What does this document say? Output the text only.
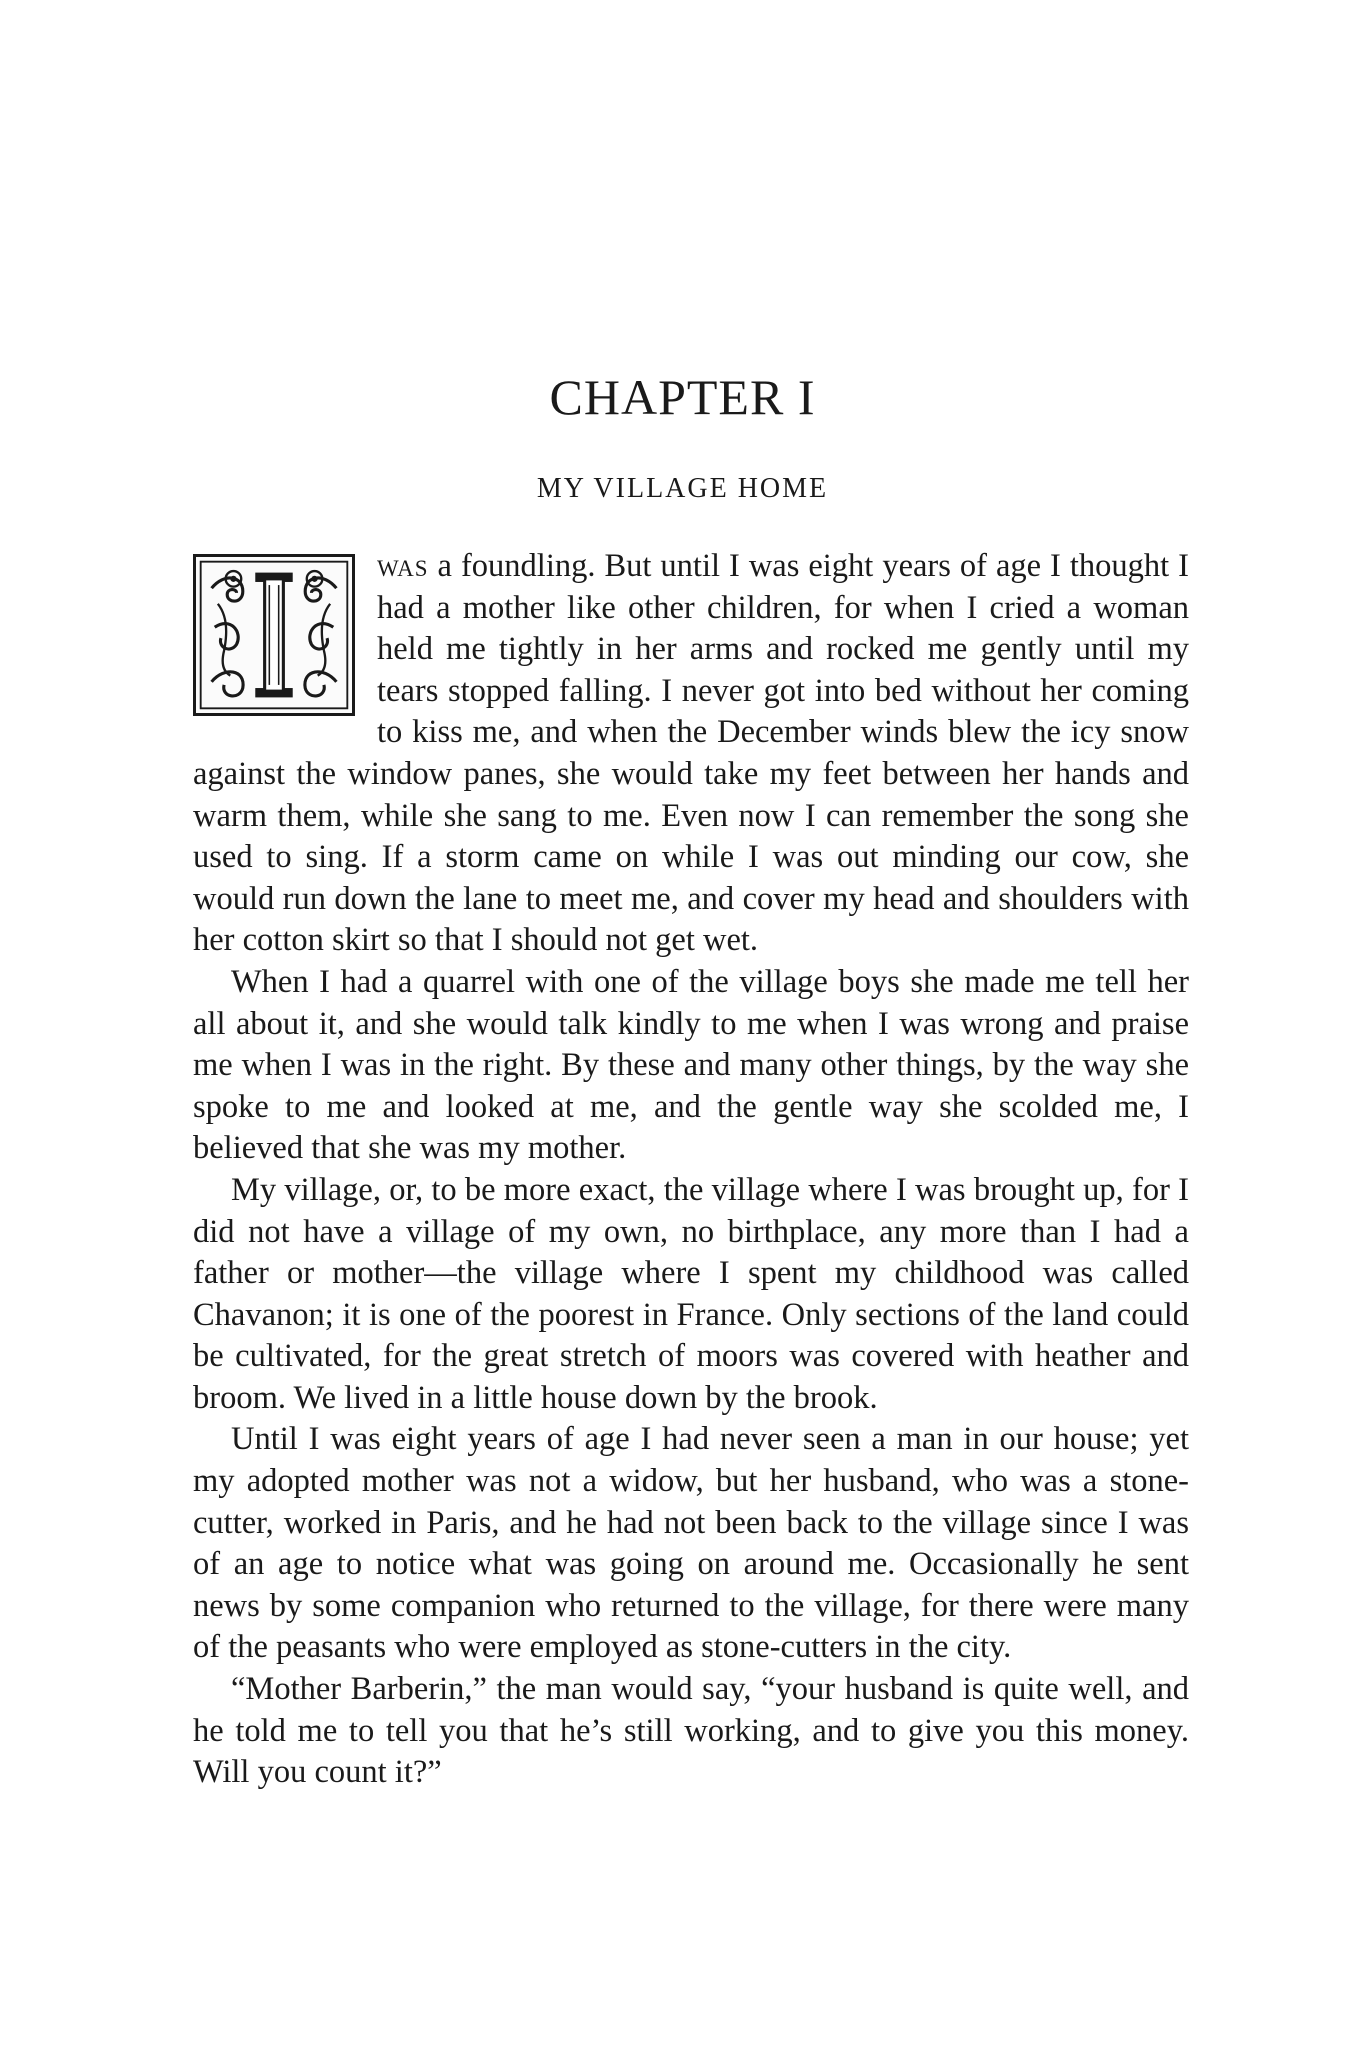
CHAPTER I
MY VILLAGE HOME

was a foundling. But until I was eight years of age I thought I had a mother like other children, for when I cried a woman held me tightly in her arms and rocked me gently until my tears stopped falling. I never got into bed without her coming to kiss me, and when the December winds blew the icy snow against the window panes, she would take my feet between her hands and warm them, while she sang to me. Even now I can remember the song she used to sing. If a storm came on while I was out minding our cow, she would run down the lane to meet me, and cover my head and shoulders with her cotton skirt so that I should not get wet.

When I had a quarrel with one of the village boys she made me tell her all about it, and she would talk kindly to me when I was wrong and praise me when I was in the right. By these and many other things, by the way she spoke to me and looked at me, and the gentle way she scolded me, I believed that she was my mother.

My village, or, to be more exact, the village where I was brought up, for I did not have a village of my own, no birthplace, any more than I had a father or mother—the village where I spent my childhood was called Chavanon; it is one of the poorest in France. Only sections of the land could be cultivated, for the great stretch of moors was covered with heather and broom. We lived in a little house down by the brook.

Until I was eight years of age I had never seen a man in our house; yet my adopted mother was not a widow, but her husband, who was a stone-cutter, worked in Paris, and he had not been back to the village since I was of an age to notice what was going on around me. Occasionally he sent news by some companion who returned to the village, for there were many of the peasants who were employed as stone-cutters in the city.

“Mother Barberin,” the man would say, “your husband is quite well, and he told me to tell you that he’s still working, and to give you this money. Will you count it?”
